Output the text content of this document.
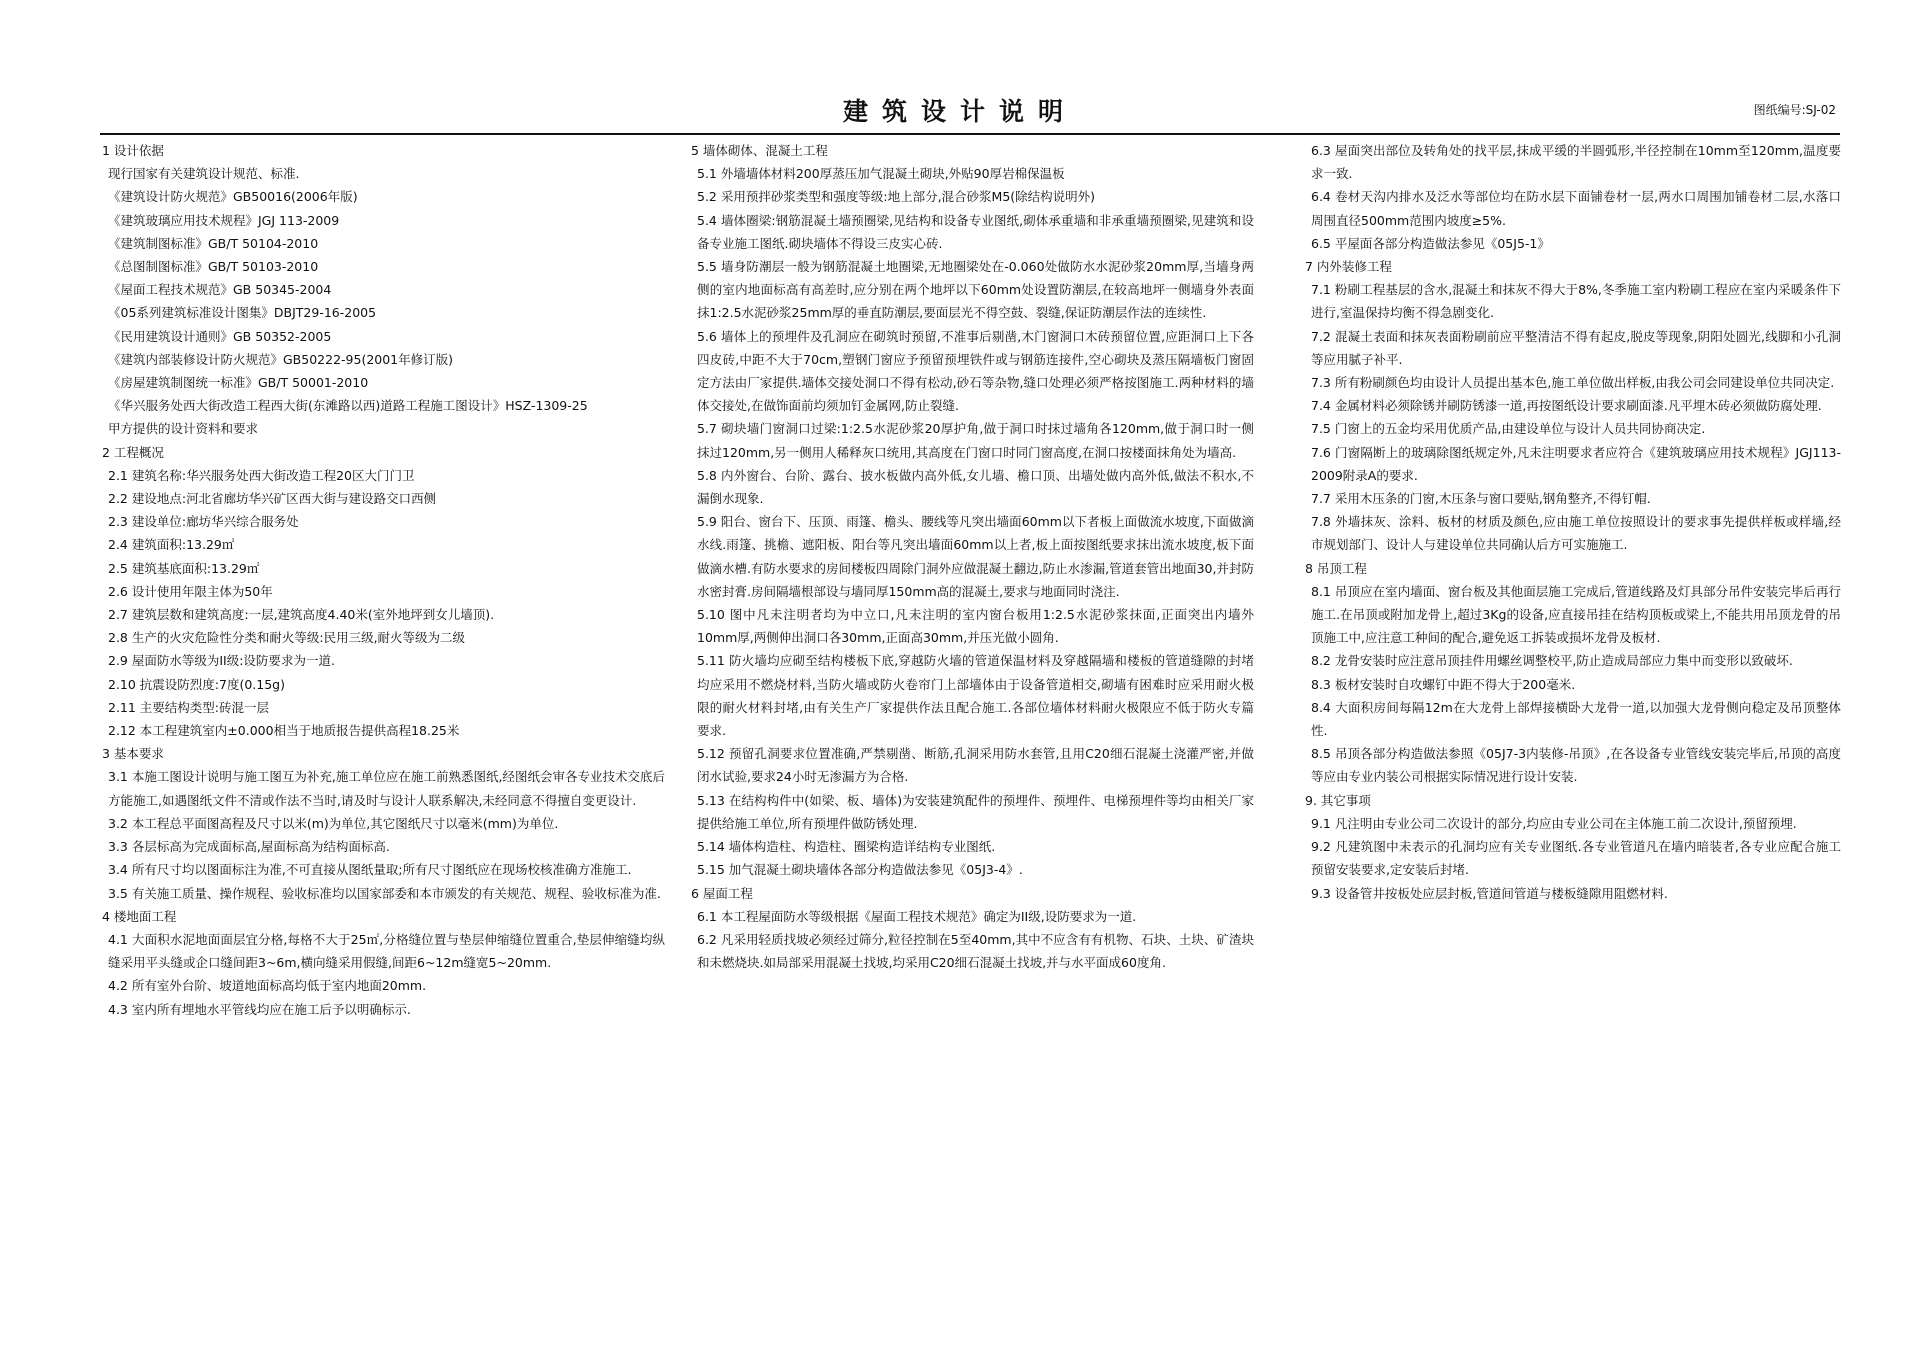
建筑设计说明	图纸编号:SJ-02

1 设计依据

现行国家有关建筑设计规范、标准.

《建筑设计防火规范》GB50016(2006年版)

《建筑玻璃应用技术规程》JGJ 113-2009

《建筑制图标准》GB/T 50104-2010

《总图制图标准》GB/T 50103-2010

《屋面工程技术规范》GB 50345-2004

《05系列建筑标准设计图集》DBJT29-16-2005

《民用建筑设计通则》GB 50352-2005

《建筑内部装修设计防火规范》GB50222-95(2001年修订版)

《房屋建筑制图统一标准》GB/T 50001-2010

《华兴服务处西大街改造工程西大街(东滩路以西)道路工程施工图设计》HSZ-1309-25

甲方提供的设计资料和要求

2 工程概况

2.1 建筑名称:华兴服务处西大街改造工程20区大门门卫

2.2 建设地点:河北省廊坊华兴矿区西大街与建设路交口西侧

2.3 建设单位:廊坊华兴综合服务处

2.4 建筑面积:13.29㎡

2.5 建筑基底面积:13.29㎡

2.6 设计使用年限主体为50年

2.7 建筑层数和建筑高度:一层,建筑高度4.40米(室外地坪到女儿墙顶).

2.8 生产的火灾危险性分类和耐火等级:民用三级,耐火等级为二级

2.9 屋面防水等级为II级:设防要求为一道.

2.10 抗震设防烈度:7度(0.15g)

2.11 主要结构类型:砖混一层

2.12 本工程建筑室内±0.000相当于地质报告提供高程18.25米

3 基本要求

3.1 本施工图设计说明与施工图互为补充,施工单位应在施工前熟悉图纸,经图纸会审各专业技术交底后方能施工,如遇图纸文件不清或作法不当时,请及时与设计人联系解决,未经同意不得擅自变更设计.

3.2 本工程总平面图高程及尺寸以米(m)为单位,其它图纸尺寸以毫米(mm)为单位.

3.3 各层标高为完成面标高,屋面标高为结构面标高.

3.4 所有尺寸均以图面标注为准,不可直接从图纸量取;所有尺寸图纸应在现场校核准确方准施工.

3.5 有关施工质量、操作规程、验收标准均以国家部委和本市颁发的有关规范、规程、验收标准为准.

4 楼地面工程

4.1 大面积水泥地面面层宜分格,每格不大于25㎡,分格缝位置与垫层伸缩缝位置重合,垫层伸缩缝均纵缝采用平头缝或企口缝间距3~6m,横向缝采用假缝,间距6~12m缝宽5~20mm.

4.2 所有室外台阶、坡道地面标高均低于室内地面20mm.

4.3 室内所有埋地水平管线均应在施工后予以明确标示.

5 墙体砌体、混凝土工程

5.1 外墙墙体材料200厚蒸压加气混凝土砌块,外贴90厚岩棉保温板

5.2 采用预拌砂浆类型和强度等级:地上部分,混合砂浆M5(除结构说明外)

5.4 墙体圈梁:钢筋混凝土墙预圈梁,见结构和设备专业图纸,砌体承重墙和非承重墙预圈梁,见建筑和设备专业施工图纸.砌块墙体不得设三皮实心砖.

5.5 墙身防潮层一般为钢筋混凝土地圈梁,无地圈梁处在-0.060处做防水水泥砂浆20mm厚,当墙身两侧的室内地面标高有高差时,应分别在两个地坪以下60mm处设置防潮层,在较高地坪一侧墙身外表面抹1:2.5水泥砂浆25mm厚的垂直防潮层,要面层光不得空鼓、裂缝,保证防潮层作法的连续性.

5.6 墙体上的预埋件及孔洞应在砌筑时预留,不准事后剔凿,木门窗洞口木砖预留位置,应距洞口上下各四皮砖,中距不大于70cm,塑钢门窗应予预留预埋铁件或与钢筋连接件,空心砌块及蒸压隔墙板门窗固定方法由厂家提供.墙体交接处洞口不得有松动,砂石等杂物,缝口处理必须严格按图施工.两种材料的墙体交接处,在做饰面前均须加钉金属网,防止裂缝.

5.7 砌块墙门窗洞口过梁:1:2.5水泥砂浆20厚护角,做于洞口时抹过墙角各120mm,做于洞口时一侧抹过120mm,另一侧用人稀释灰口统用,其高度在门窗口时同门窗高度,在洞口按楼面抹角处为墙高.

5.8 内外窗台、台阶、露台、披水板做内高外低,女儿墙、檐口顶、出墙处做内高外低,做法不积水,不漏倒水现象.

5.9 阳台、窗台下、压顶、雨篷、檐头、腰线等凡突出墙面60mm以下者板上面做流水坡度,下面做滴水线.雨篷、挑檐、遮阳板、阳台等凡突出墙面60mm以上者,板上面按图纸要求抹出流水坡度,板下面做滴水槽.有防水要求的房间楼板四周除门洞外应做混凝土翻边,防止水渗漏,管道套管出地面30,并封防水密封膏.房间隔墙根部设与墙同厚150mm高的混凝土,要求与地面同时浇注.

5.10 图中凡未注明者均为中立口,凡未注明的室内窗台板用1:2.5水泥砂浆抹面,正面突出内墙外10mm厚,两侧伸出洞口各30mm,正面高30mm,并压光做小圆角.

5.11 防火墙均应砌至结构楼板下底,穿越防火墙的管道保温材料及穿越隔墙和楼板的管道缝隙的封堵均应采用不燃烧材料,当防火墙或防火卷帘门上部墙体由于设备管道相交,砌墙有困难时应采用耐火极限的耐火材料封堵,由有关生产厂家提供作法且配合施工.各部位墙体材料耐火极限应不低于防火专篇要求.

5.12 预留孔洞要求位置准确,严禁剔凿、断筋,孔洞采用防水套管,且用C20细石混凝土浇灌严密,并做闭水试验,要求24小时无渗漏方为合格.

5.13 在结构构件中(如梁、板、墙体)为安装建筑配件的预埋件、预埋件、电梯预埋件等均由相关厂家提供给施工单位,所有预埋件做防锈处理.

5.14 墙体构造柱、构造柱、圈梁构造详结构专业图纸.

5.15 加气混凝土砌块墙体各部分构造做法参见《05J3-4》.

6 屋面工程

6.1 本工程屋面防水等级根据《屋面工程技术规范》确定为II级,设防要求为一道.

6.2 凡采用轻质找坡必须经过筛分,粒径控制在5至40mm,其中不应含有有机物、石块、土块、矿渣块和未燃烧块.如局部采用混凝土找坡,均采用C20细石混凝土找坡,并与水平面成60度角.

6.3 屋面突出部位及转角处的找平层,抹成平缓的半圆弧形,半径控制在10mm至120mm,温度要求一致.

6.4 卷材天沟内排水及泛水等部位均在防水层下面铺卷材一层,两水口周围加铺卷材二层,水落口周围直径500mm范围内坡度≥5%.

6.5 平屋面各部分构造做法参见《05J5-1》

7 内外装修工程

7.1 粉刷工程基层的含水,混凝土和抹灰不得大于8%,冬季施工室内粉刷工程应在室内采暖条件下进行,室温保持均衡不得急剧变化.

7.2 混凝土表面和抹灰表面粉刷前应平整清洁不得有起皮,脱皮等现象,阴阳处圆光,线脚和小孔洞等应用腻子补平.

7.3 所有粉刷颜色均由设计人员提出基本色,施工单位做出样板,由我公司会同建设单位共同决定.

7.4 金属材料必须除锈并刷防锈漆一道,再按图纸设计要求刷面漆.凡平埋木砖必须做防腐处理.

7.5 门窗上的五金均采用优质产品,由建设单位与设计人员共同协商决定.

7.6 门窗隔断上的玻璃除图纸规定外,凡未注明要求者应符合《建筑玻璃应用技术规程》JGJ113-2009附录A的要求.

7.7 采用木压条的门窗,木压条与窗口要贴,钢角整齐,不得钉帽.

7.8 外墙抹灰、涂料、板材的材质及颜色,应由施工单位按照设计的要求事先提供样板或样墙,经市规划部门、设计人与建设单位共同确认后方可实施施工.

8 吊顶工程

8.1 吊顶应在室内墙面、窗台板及其他面层施工完成后,管道线路及灯具部分吊件安装完毕后再行施工.在吊顶或附加龙骨上,超过3Kg的设备,应直接吊挂在结构顶板或梁上,不能共用吊顶龙骨的吊顶施工中,应注意工种间的配合,避免返工拆装或损坏龙骨及板材.

8.2 龙骨安装时应注意吊顶挂件用螺丝调整校平,防止造成局部应力集中而变形以致破坏.

8.3 板材安装时自攻螺钉中距不得大于200毫米.

8.4 大面积房间每隔12m在大龙骨上部焊接横卧大龙骨一道,以加强大龙骨侧向稳定及吊顶整体性.

8.5 吊顶各部分构造做法参照《05J7-3内装修-吊顶》,在各设备专业管线安装完毕后,吊顶的高度等应由专业内装公司根据实际情况进行设计安装.

9. 其它事项

9.1 凡注明由专业公司二次设计的部分,均应由专业公司在主体施工前二次设计,预留预埋.

9.2 凡建筑图中未表示的孔洞均应有关专业图纸.各专业管道凡在墙内暗装者,各专业应配合施工预留安装要求,定安装后封堵.

9.3 设备管井按板处应层封板,管道间管道与楼板缝隙用阻燃材料.
